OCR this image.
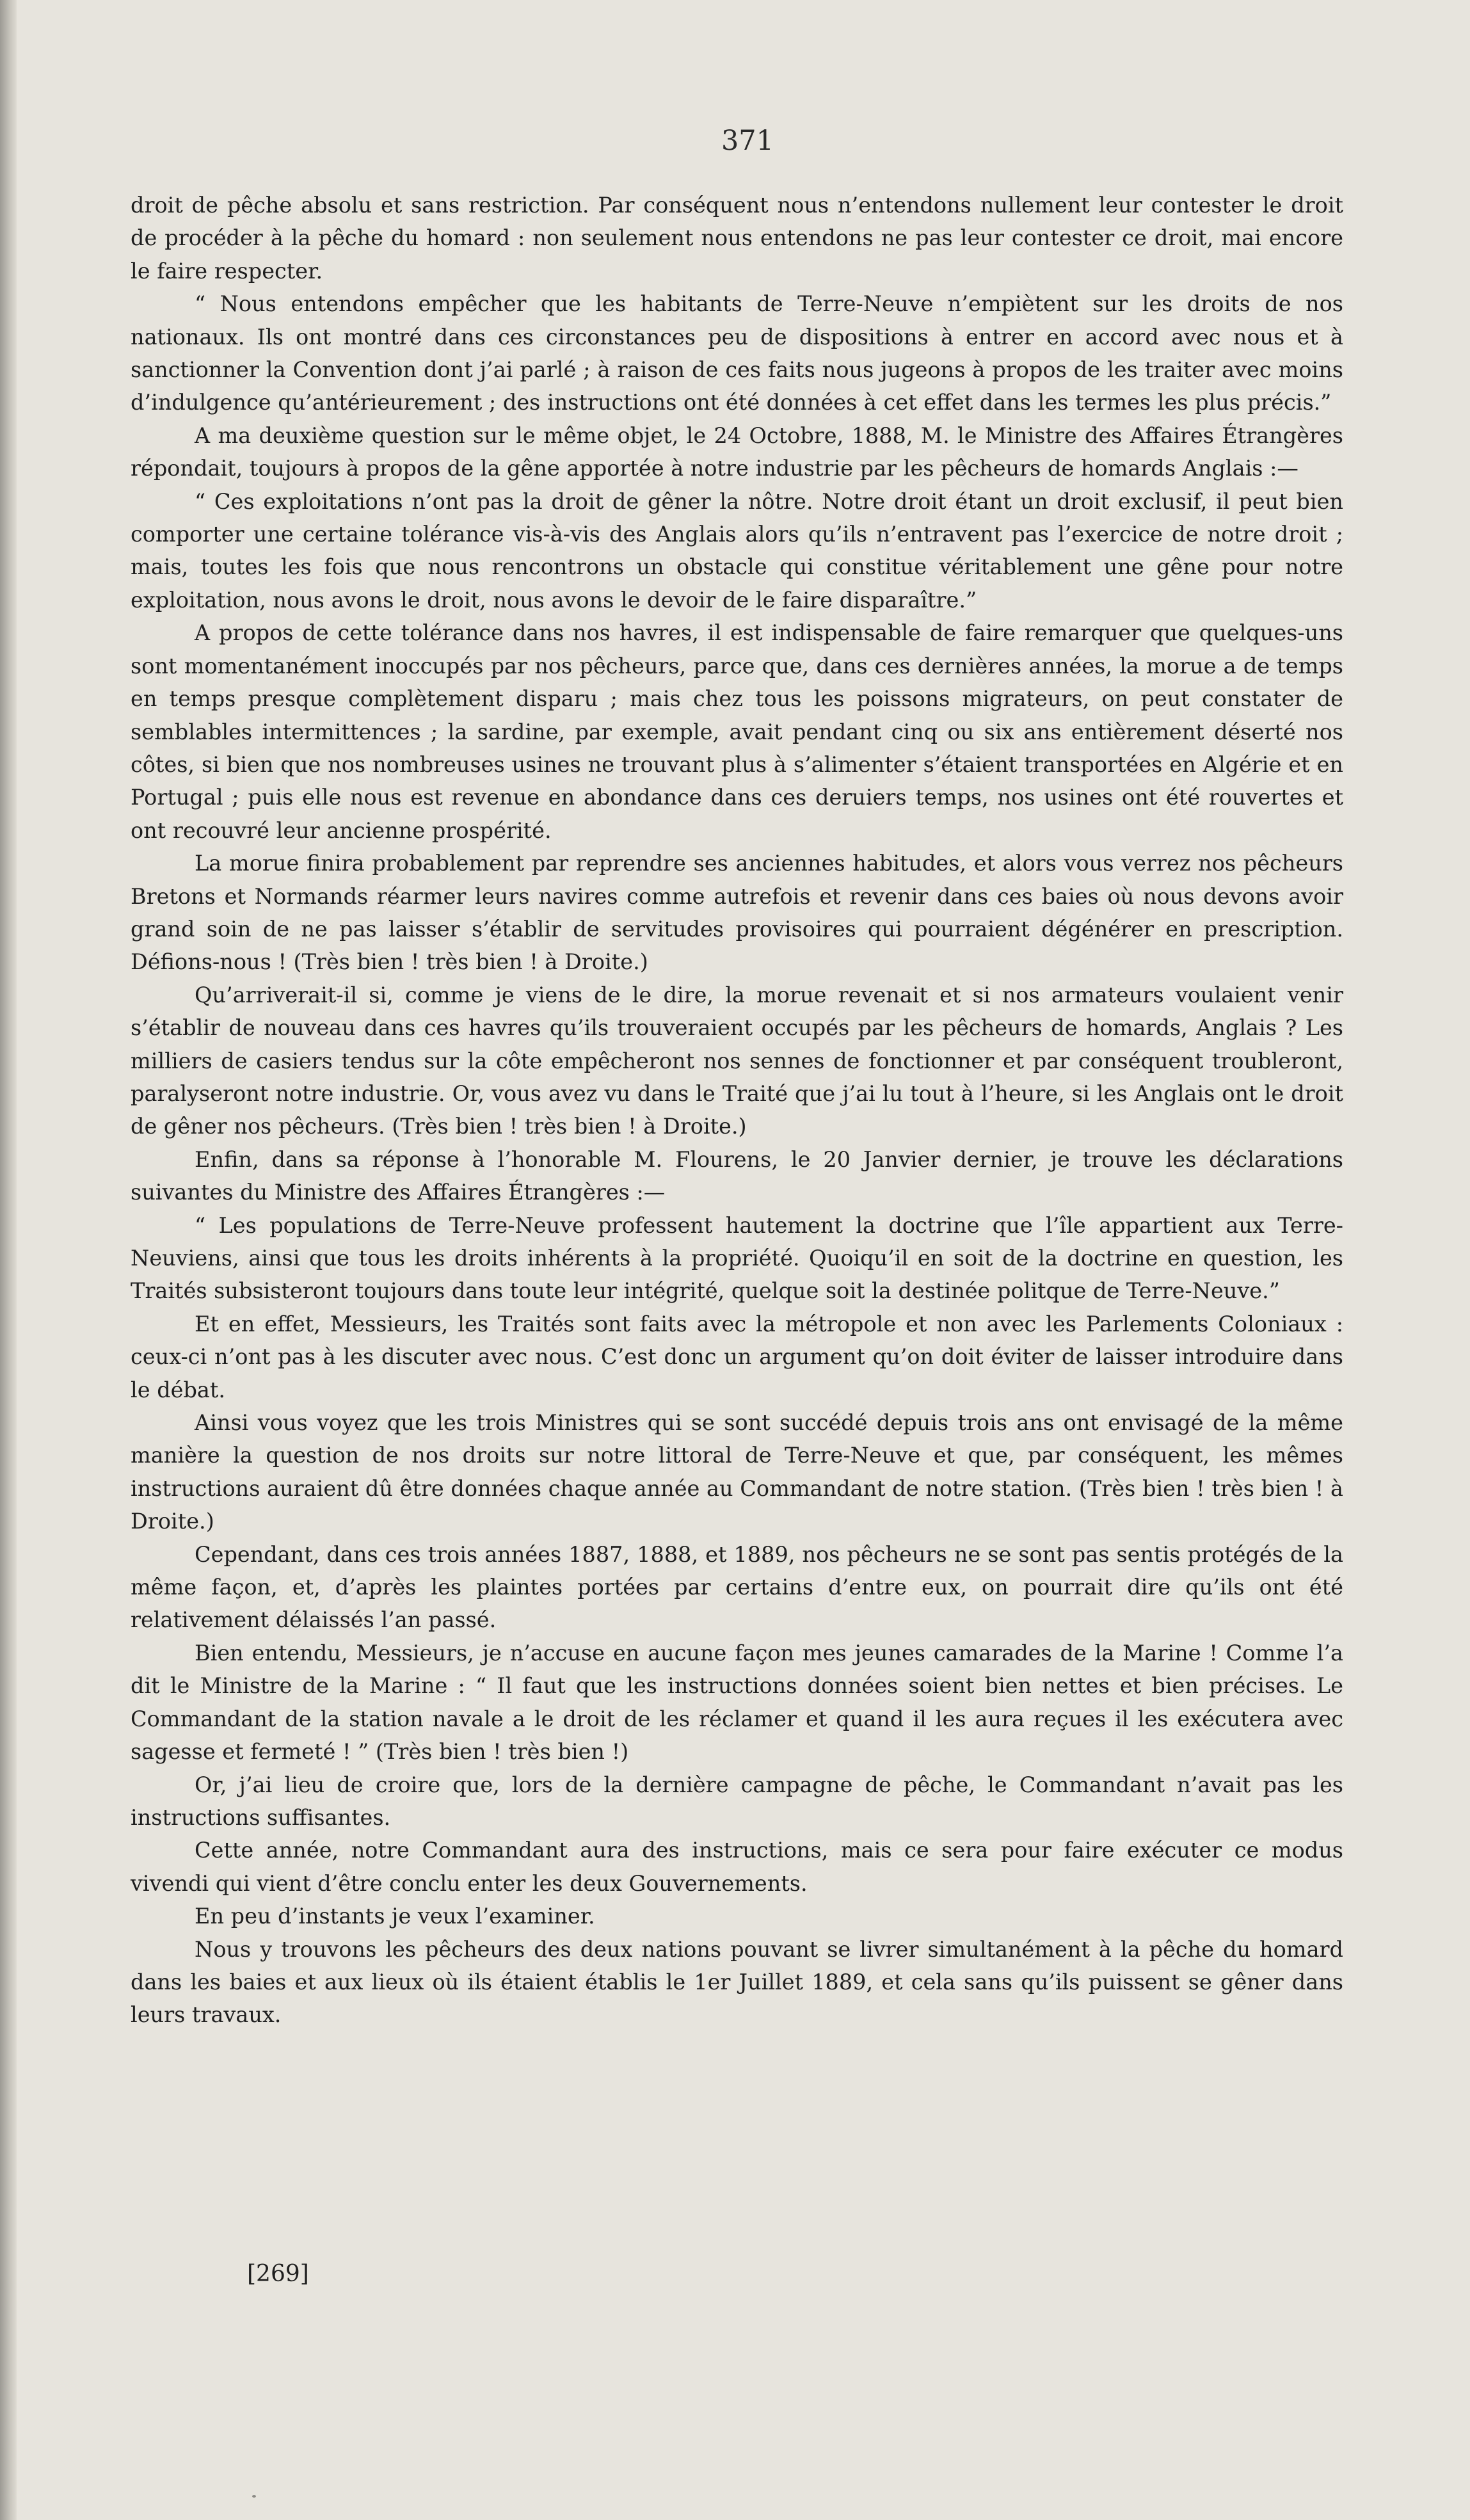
371

droit de pêche absolu et sans restriction. Par conséquent nous n’entendons nullement leur contester le droit de procéder à la pêche du homard : non seulement nous entendons ne pas leur contester ce droit, mai encore le faire respecter.

“ Nous entendons empêcher que les habitants de Terre-Neuve n’empiètent sur les droits de nos nationaux. Ils ont montré dans ces circonstances peu de dispositions à entrer en accord avec nous et à sanctionner la Convention dont j’ai parlé ; à raison de ces faits nous jugeons à propos de les traiter avec moins d’indulgence qu’antérieurement ; des instructions ont été données à cet effet dans les termes les plus précis.”

A ma deuxième question sur le même objet, le 24 Octobre, 1888, M. le Ministre des Affaires Étrangères répondait, toujours à propos de la gêne apportée à notre industrie par les pêcheurs de homards Anglais :—

“ Ces exploitations n’ont pas la droit de gêner la nôtre. Notre droit étant un droit exclusif, il peut bien comporter une certaine tolérance vis-à-vis des Anglais alors qu’ils n’entravent pas l’exercice de notre droit ; mais, toutes les fois que nous rencontrons un obstacle qui constitue véritablement une gêne pour notre exploitation, nous avons le droit, nous avons le devoir de le faire disparaître.”

A propos de cette tolérance dans nos havres, il est indispensable de faire remarquer que quelques-uns sont momentanément inoccupés par nos pêcheurs, parce que, dans ces dernières années, la morue a de temps en temps presque complètement disparu ; mais chez tous les poissons migrateurs, on peut constater de semblables intermittences ; la sardine, par exemple, avait pendant cinq ou six ans entièrement déserté nos côtes, si bien que nos nombreuses usines ne trouvant plus à s’alimenter s’étaient transportées en Algérie et en Portugal ; puis elle nous est revenue en abondance dans ces deruiers temps, nos usines ont été rouvertes et ont recouvré leur ancienne prospérité.

La morue finira probablement par reprendre ses anciennes habitudes, et alors vous verrez nos pêcheurs Bretons et Normands réarmer leurs navires comme autrefois et revenir dans ces baies où nous devons avoir grand soin de ne pas laisser s’établir de servitudes provisoires qui pourraient dégénérer en prescription. Défions-nous ! (Très bien ! très bien ! à Droite.)

Qu’arriverait-il si, comme je viens de le dire, la morue revenait et si nos armateurs voulaient venir s’établir de nouveau dans ces havres qu’ils trouveraient occupés par les pêcheurs de homards, Anglais ? Les milliers de casiers tendus sur la côte empêcheront nos sennes de fonctionner et par conséquent troubleront, paralyseront notre industrie. Or, vous avez vu dans le Traité que j’ai lu tout à l’heure, si les Anglais ont le droit de gêner nos pêcheurs. (Très bien ! très bien ! à Droite.)

Enfin, dans sa réponse à l’honorable M. Flourens, le 20 Janvier dernier, je trouve les déclarations suivantes du Ministre des Affaires Étrangères :—

“ Les populations de Terre-Neuve professent hautement la doctrine que l’île appartient aux Terre-Neuviens, ainsi que tous les droits inhérents à la propriété. Quoiqu’il en soit de la doctrine en question, les Traités subsisteront toujours dans toute leur intégrité, quelque soit la destinée politque de Terre-Neuve.”

Et en effet, Messieurs, les Traités sont faits avec la métropole et non avec les Parlements Coloniaux : ceux-ci n’ont pas à les discuter avec nous. C’est donc un argument qu’on doit éviter de laisser introduire dans le débat.

Ainsi vous voyez que les trois Ministres qui se sont succédé depuis trois ans ont envisagé de la même manière la question de nos droits sur notre littoral de Terre-Neuve et que, par conséquent, les mêmes instructions auraient dû être données chaque année au Commandant de notre station. (Très bien ! très bien ! à Droite.)

Cependant, dans ces trois années 1887, 1888, et 1889, nos pêcheurs ne se sont pas sentis protégés de la même façon, et, d’après les plaintes portées par certains d’entre eux, on pourrait dire qu’ils ont été relativement délaissés l’an passé.

Bien entendu, Messieurs, je n’accuse en aucune façon mes jeunes camarades de la Marine ! Comme l’a dit le Ministre de la Marine : “ Il faut que les instructions données soient bien nettes et bien précises. Le Commandant de la station navale a le droit de les réclamer et quand il les aura reçues il les exécutera avec sagesse et fermeté ! ” (Très bien ! très bien !)

Or, j’ai lieu de croire que, lors de la dernière campagne de pêche, le Commandant n’avait pas les instructions suffisantes.

Cette année, notre Commandant aura des instructions, mais ce sera pour faire exécuter ce modus vivendi qui vient d’être conclu enter les deux Gouvernements.

En peu d’instants je veux l’examiner.

Nous y trouvons les pêcheurs des deux nations pouvant se livrer simultanément à la pêche du homard dans les baies et aux lieux où ils étaient établis le 1er Juillet 1889, et cela sans qu’ils puissent se gêner dans leurs travaux.

[269]
